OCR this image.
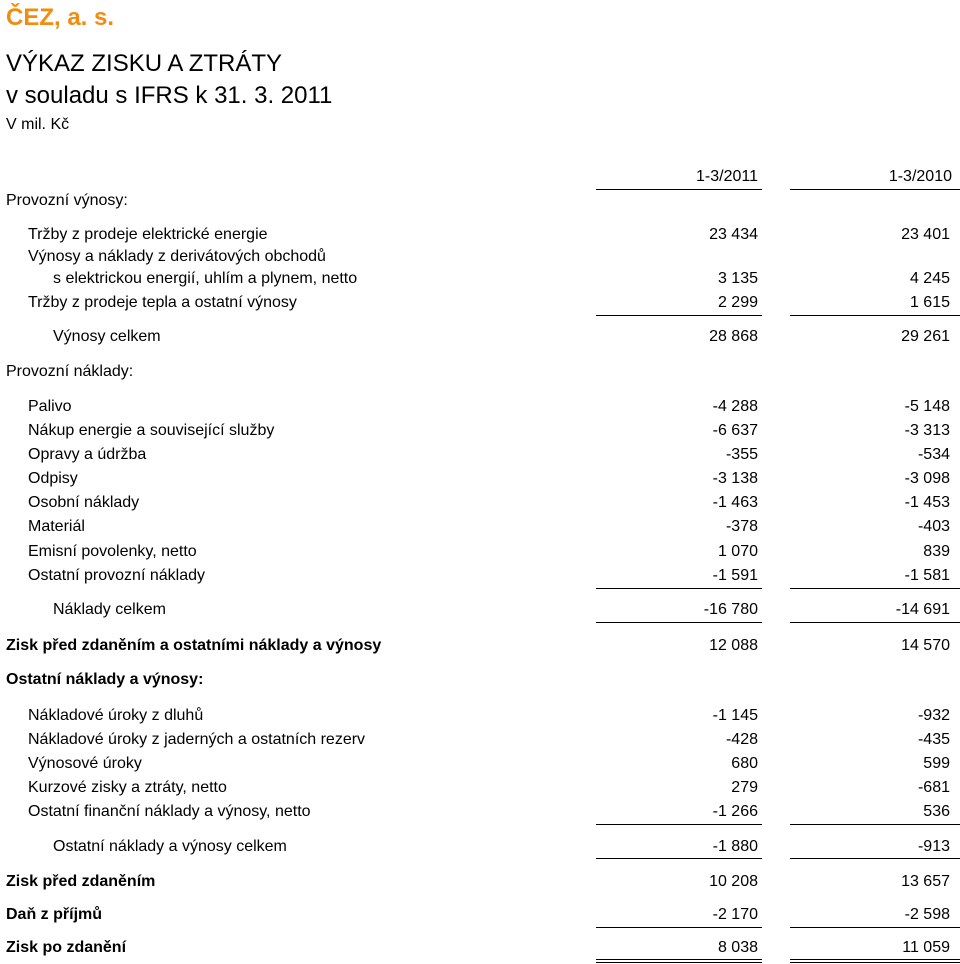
ČEZ, a. s.
VÝKAZ ZISKU A ZTRÁTY
v souladu s IFRS k 31. 3. 2011
V mil. Kč
1-3/2011	1-3/2010
Provozní výnosy:
Tržby z prodeje elektrické energie	23 434	23 401
Výnosy a náklady z derivátových obchodů
s elektrickou energií, uhlím a plynem, netto	3 135	4 245
Tržby z prodeje tepla a ostatní výnosy	2 299	1 615
Výnosy celkem	28 868	29 261
Provozní náklady:
Palivo	-4 288	-5 148
Nákup energie a související služby	-6 637	-3 313
Opravy a údržba	-355	-534
Odpisy	-3 138	-3 098
Osobní náklady	-1 463	-1 453
Materiál	-378	-403
Emisní povolenky, netto	1 070	839
Ostatní provozní náklady	-1 591	-1 581
Náklady celkem	-16 780	-14 691
Zisk před zdaněním a ostatními náklady a výnosy	12 088	14 570
Ostatní náklady a výnosy:
Nákladové úroky z dluhů	-1 145	-932
Nákladové úroky z jaderných a ostatních rezerv	-428	-435
Výnosové úroky	680	599
Kurzové zisky a ztráty, netto	279	-681
Ostatní finanční náklady a výnosy, netto	-1 266	536
Ostatní náklady a výnosy celkem	-1 880	-913
Zisk před zdaněním	10 208	13 657
Daň z příjmů	-2 170	-2 598
Zisk po zdanění	8 038	11 059
